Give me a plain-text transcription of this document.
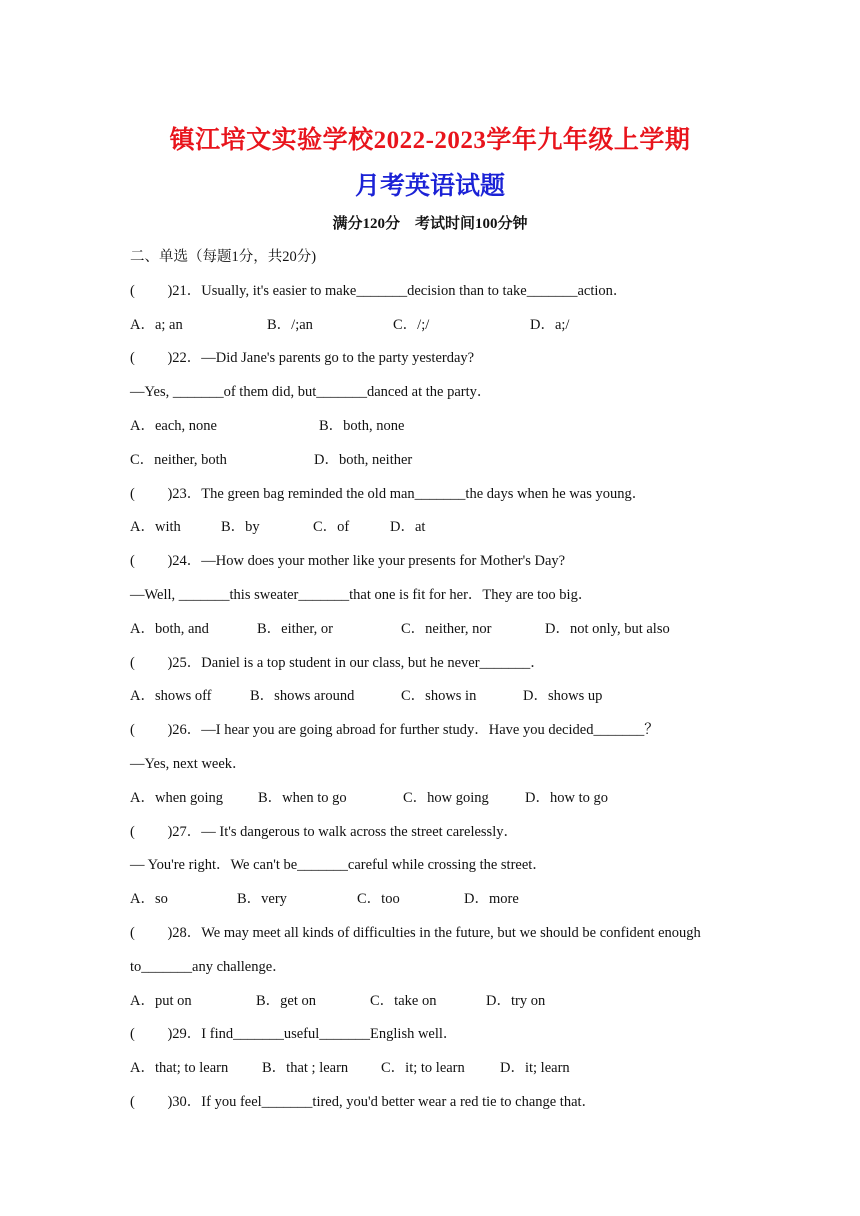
镇江培文实验学校2022-2023学年九年级上学期
月考英语试题
满分120分　考试时间100分钟
二、单选（每题1分，共20分)
(　　 )21．Usually, it's easier to make_______decision than to take_______action．
A．a; an	B．/;an	C．/;/	D．a;/
(　　 )22．—Did Jane's parents go to the party yesterday?
—Yes, _______of them did, but_______danced at the party．
A．each, none	B．both, none
C．neither, both	D．both, neither
(　　 )23．The green bag reminded the old man_______the days when he was young．
A．with	B．by	C．of	D．at
(　　 )24．—How does your mother like your presents for Mother's Day?
—Well, _______this sweater_______that one is fit for her．They are too big．
A．both, and	B．either, or	C．neither, nor	D．not only, but also
(　　 )25．Daniel is a top student in our class, but he never_______．
A．shows off	B．shows around	C．shows in	D．shows up
(　　 )26．—I hear you are going abroad for further study．Have you decided_______？
—Yes, next week．
A．when going	B．when to go	C．how going	D．how to go
(　　 )27．— It's dangerous to walk across the street carelessly．
— You're right．We can't be_______careful while crossing the street．
A．so	B．very	C．too	D．more
(　　 )28．We may meet all kinds of difficulties in the future, but we should be confident enough
to_______any challenge．
A．put on	B．get on	C．take on	D．try on
(　　 )29．I find_______useful_______English well．
A．that; to learn	B．that ; learn	C．it; to learn	D．it; learn
(　　 )30．If you feel_______tired, you'd better wear a red tie to change that．
